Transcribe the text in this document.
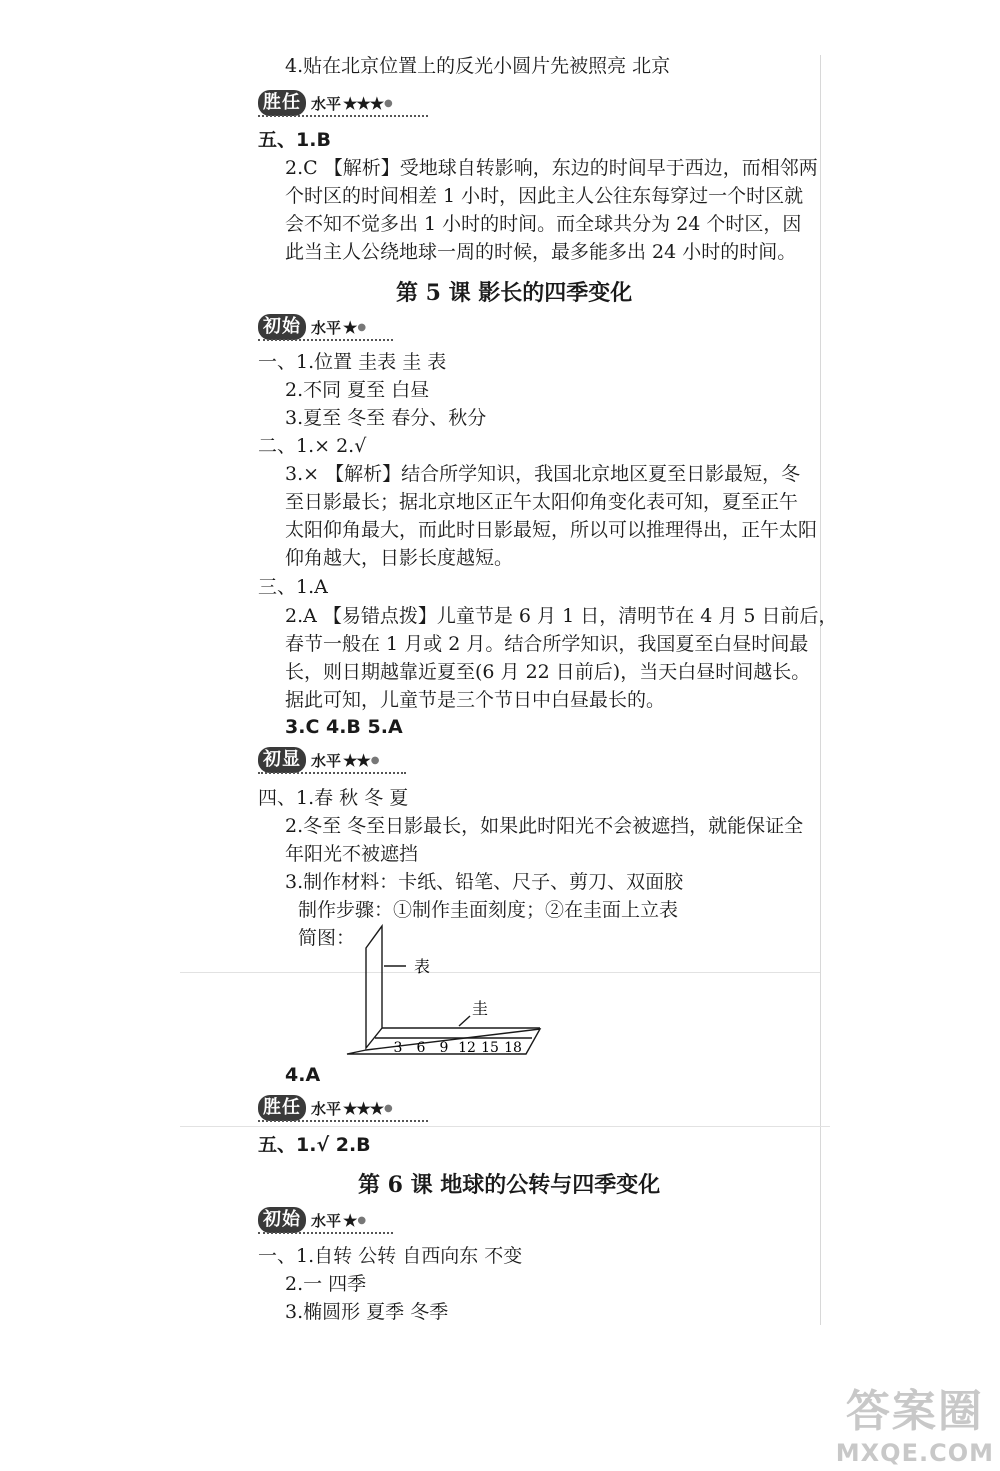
4.贴在北京位置上的反光小圆片先被照亮 北京
胜任 水平 ★★★ ●
五、1.B
2.C 【解析】受地球自转影响，东边的时间早于西边，而相邻两
个时区的时间相差 1 小时，因此主人公往东每穿过一个时区就
会不知不觉多出 1 小时的时间。而全球共分为 24 个时区，因
此当主人公绕地球一周的时候，最多能多出 24 小时的时间。
第 5 课 影长的四季变化
初始 水平 ★ ●
一、1.位置 圭表 圭 表
2.不同 夏至 白昼
3.夏至 冬至 春分、秋分
二、1.× 2.√
3.× 【解析】结合所学知识，我国北京地区夏至日影最短，冬
至日影最长；据北京地区正午太阳仰角变化表可知，夏至正午
太阳仰角最大，而此时日影最短，所以可以推理得出，正午太阳
仰角越大，日影长度越短。
三、1.A
2.A 【易错点拨】儿童节是 6 月 1 日，清明节在 4 月 5 日前后，
春节一般在 1 月或 2 月。结合所学知识，我国夏至白昼时间最
长，则日期越靠近夏至(6 月 22 日前后)，当天白昼时间越长。
据此可知，儿童节是三个节日中白昼最长的。
3.C 4.B 5.A
初显 水平 ★★ ●
四、1.春 秋 冬 夏
2.冬至 冬至日影最长，如果此时阳光不会被遮挡，就能保证全
年阳光不被遮挡
3.制作材料：卡纸、铅笔、尺子、剪刀、双面胶
制作步骤：①制作圭面刻度；②在圭面上立表
简图：
表
圭
3 6 9 12 15 18
4.A
胜任 水平 ★★★ ●
五、1.√ 2.B
第 6 课 地球的公转与四季变化
初始 水平 ★ ●
一、1.自转 公转 自西向东 不变
2.一 四季
3.椭圆形 夏季 冬季
答案圈
MXQE.COM
